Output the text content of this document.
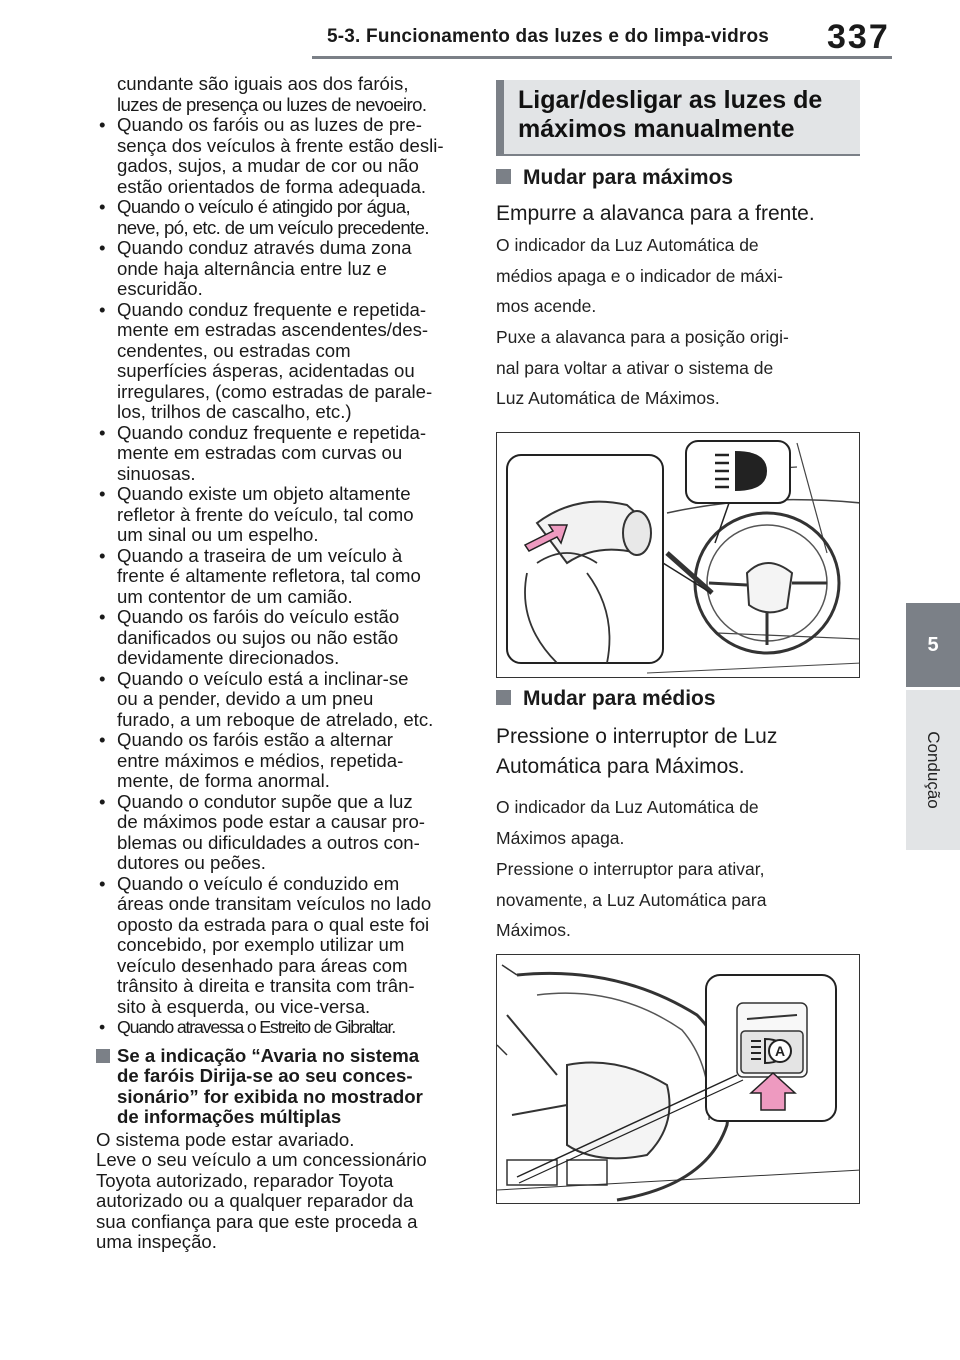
5-3. Funcionamento das luzes e do limpa-vidros 337
5
Condução
cundante são iguais aos dos faróis,
luzes de presença ou luzes de nevoeiro.
• Quando os faróis ou as luzes de pre-
sença dos veículos à frente estão desli-
gados, sujos, a mudar de cor ou não
estão orientados de forma adequada.
• Quando o veículo é atingido por água,
neve, pó, etc. de um veículo precedente.
• Quando conduz através duma zona
onde haja alternância entre luz e
escuridão.
• Quando conduz frequente e repetida-
mente em estradas ascendentes/des-
cendentes, ou estradas com
superfícies ásperas, acidentadas ou
irregulares, (como estradas de parale-
los, trilhos de cascalho, etc.)
• Quando conduz frequente e repetida-
mente em estradas com curvas ou
sinuosas.
• Quando existe um objeto altamente
refletor à frente do veículo, tal como
um sinal ou um espelho.
• Quando a traseira de um veículo à
frente é altamente refletora, tal como
um contentor de um camião.
• Quando os faróis do veículo estão
danificados ou sujos ou não estão
devidamente direcionados.
• Quando o veículo está a inclinar-se
ou a pender, devido a um pneu
furado, a um reboque de atrelado, etc.
• Quando os faróis estão a alternar
entre máximos e médios, repetida-
mente, de forma anormal.
• Quando o condutor supõe que a luz
de máximos pode estar a causar pro-
blemas ou dificuldades a outros con-
dutores ou peões.
• Quando o veículo é conduzido em
áreas onde transitam veículos no lado
oposto da estrada para o qual este foi
concebido, por exemplo utilizar um
veículo desenhado para áreas com
trânsito à direita e transita com trân-
sito à esquerda, ou vice-versa.
• Quando atravessa o Estreito de Gibraltar.
Se a indicação “Avaria no sistema
de faróis Dirija-se ao seu conces-
sionário” for exibida no mostrador
de informações múltiplas
O sistema pode estar avariado.
Leve o seu veículo a um concessionário
Toyota autorizado, reparador Toyota
autorizado ou a qualquer reparador da
sua confiança para que este proceda a
uma inspeção.
Ligar/desligar as luzes de
máximos manualmente
Mudar para máximos
Empurre a alavanca para a frente.
O indicador da Luz Automática de
médios apaga e o indicador de máxi-
mos acende.
Puxe a alavanca para a posição origi-
nal para voltar a ativar o sistema de
Luz Automática de Máximos.
Mudar para médios
Pressione o interruptor de Luz
Automática para Máximos.
O indicador da Luz Automática de
Máximos apaga.
Pressione o interruptor para ativar,
novamente, a Luz Automática para
Máximos.
A
